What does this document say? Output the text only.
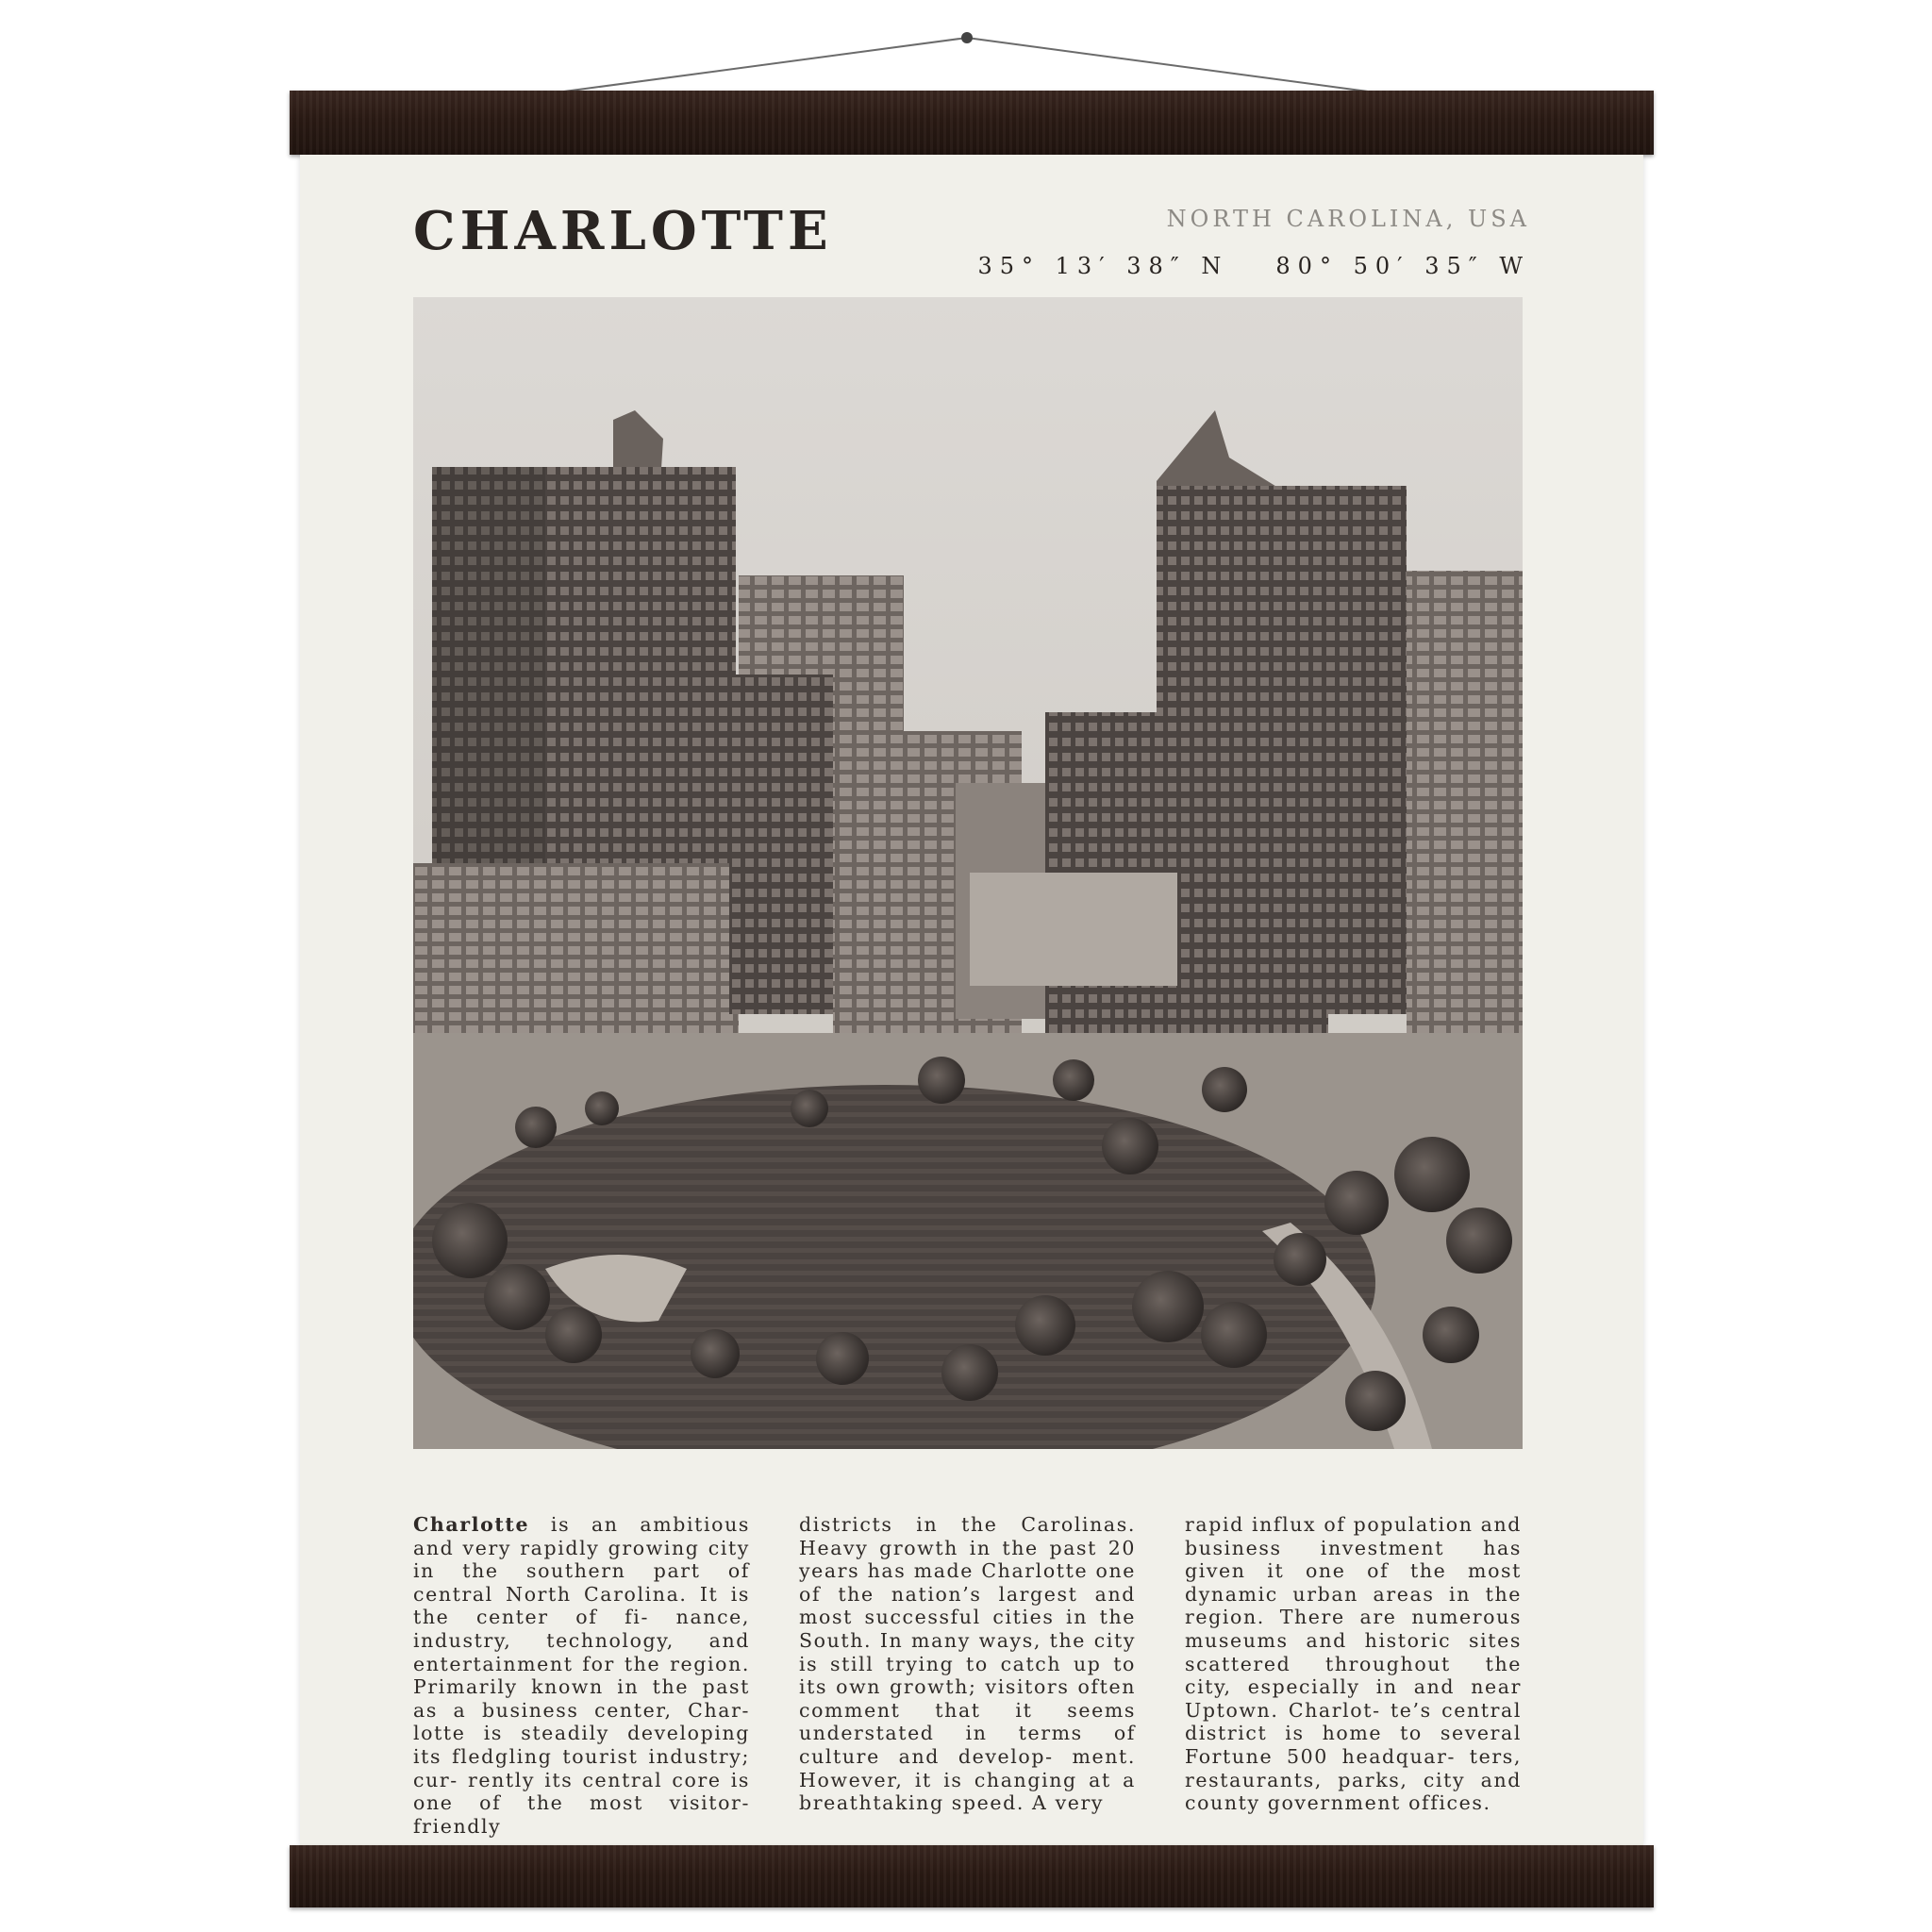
CHARLOTTE	NORTH CAROLINA, USA
35° 13′ 38″ N 80° 50′ 35″ W
Charlotte is an ambitious and very rapidly growing city in the southern part of central North Carolina. It is the center of fi- nance, industry, technology, and entertainment for the region. Primarily known in the past as a business center, Char- lotte is steadily developing its fledgling tourist industry; cur- rently its central core is one of the most visitor-friendly
districts in the Carolinas. Heavy growth in the past 20 years has made Charlotte one of the nation’s largest and most successful cities in the South. In many ways, the city is still trying to catch up to its own growth; visitors often comment that it seems understated in terms of culture and develop- ment. However, it is changing at a breathtaking speed. A very
rapid influx of population and business investment has given it one of the most dynamic urban areas in the region. There are numerous museums and historic sites scattered throughout the city, especially in and near Uptown. Charlot- te’s central district is home to several Fortune 500 headquar- ters, restaurants, parks, city and county government offices.
